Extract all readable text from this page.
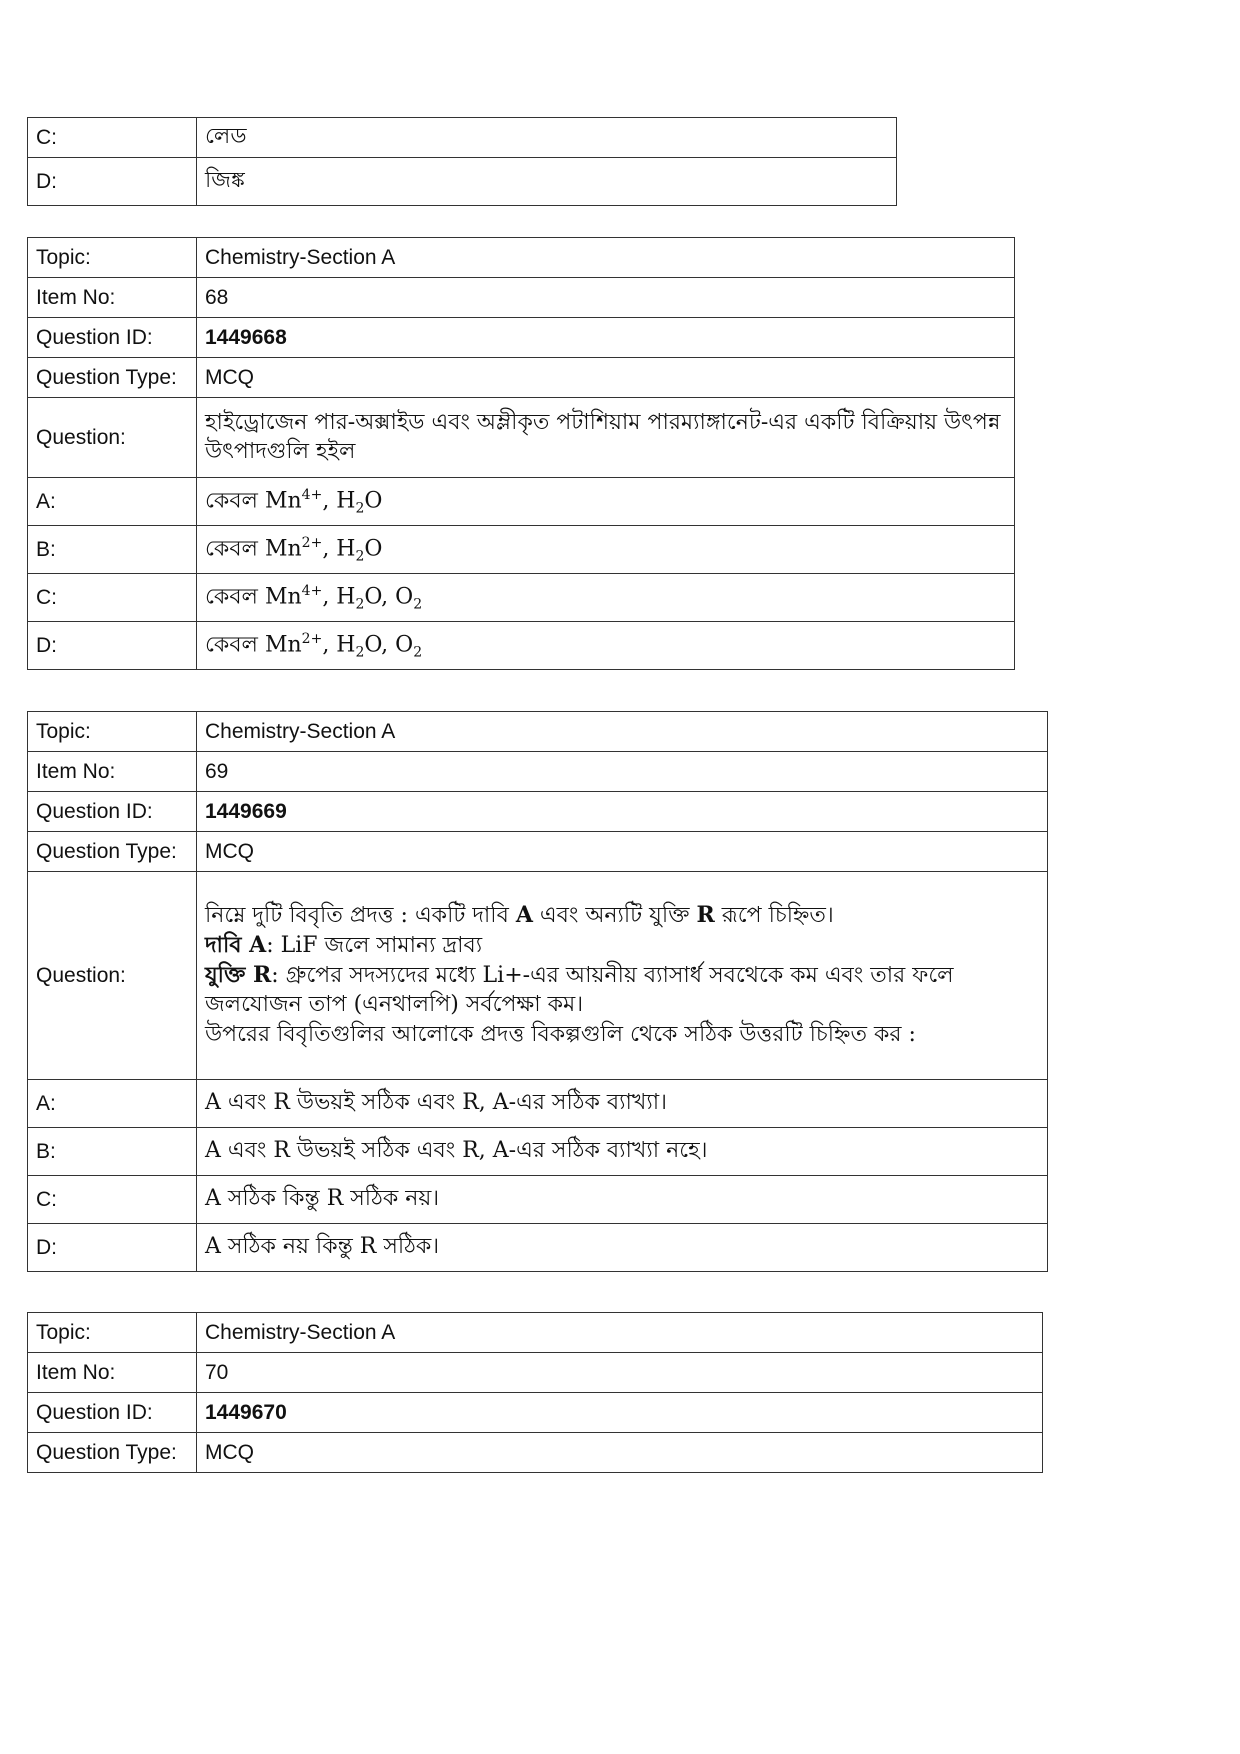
C:	লেড
D:	জিঙ্ক
Topic:	Chemistry-Section A
Item No:	68
Question ID:	1449668
Question Type:	MCQ
Question:	হাইড্রোজেন পার-অক্সাইড এবং অম্লীকৃত পটাশিয়াম পারম্যাঙ্গানেট-এর একটি বিক্রিয়ায় উৎপন্ন উৎপাদগুলি হইল
A:	কেবল $Mn^{4+}$, $H_2O$
B:	কেবল $Mn^{2+}$, $H_2O$
C:	কেবল $Mn^{4+}$, $H_2O$, $O_2$
D:	কেবল $Mn^{2+}$, $H_2O$, $O_2$
Topic:	Chemistry-Section A
Item No:	69
Question ID:	1449669
Question Type:	MCQ
Question:	নিম্নে দুটি বিবৃতি প্রদত্ত : একটি দাবি A এবং অন্যটি যুক্তি R রূপে চিহ্নিত।
দাবি A: LiF জলে সামান্য দ্রাব্য
যুক্তি R: গ্রুপের সদস্যদের মধ্যে Li+-এর আয়নীয় ব্যাসার্ধ সবথেকে কম এবং তার ফলে জলযোজন তাপ (এনথালপি) সর্বপেক্ষা কম।
উপরের বিবৃতিগুলির আলোকে প্রদত্ত বিকল্পগুলি থেকে সঠিক উত্তরটি চিহ্নিত কর :

A:	A এবং R উভয়ই সঠিক এবং R, A-এর সঠিক ব্যাখ্যা।
B:	A এবং R উভয়ই সঠিক এবং R, A-এর সঠিক ব্যাখ্যা নহে।
C:	A সঠিক কিন্তু R সঠিক নয়।
D:	A সঠিক নয় কিন্তু R সঠিক।
Topic:	Chemistry-Section A
Item No:	70
Question ID:	1449670
Question Type:	MCQ
